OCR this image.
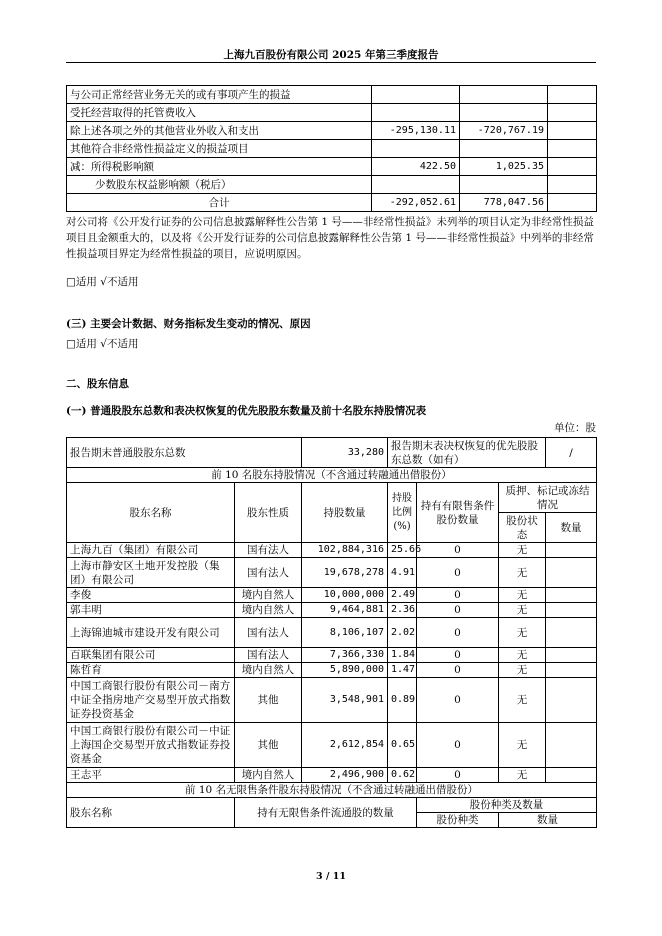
上海九百股份有限公司 2025 年第三季度报告
与公司正常经营业务无关的或有事项产生的损益			
受托经营取得的托管费收入			
除上述各项之外的其他营业外收入和支出	-295,130.11	-720,767.19	
其他符合非经常性损益定义的损益项目			
减：所得税影响额	422.50	1,025.35	
少数股东权益影响额（税后）			
合计	-292,052.61	778,047.56	
对公司将《公开发行证券的公司信息披露解释性公告第 1 号——非经常性损益》未列举的项目认定为非经常性损益项目且金额重大的，以及将《公开发行证券的公司信息披露解释性公告第 1 号——非经常性损益》中列举的非经常性损益项目界定为经常性损益的项目，应说明原因。
□适用 √不适用
(三) 主要会计数据、财务指标发生变动的情况、原因
□适用 √不适用
二、股东信息
(一) 普通股股东总数和表决权恢复的优先股股东数量及前十名股东持股情况表
单位：股
报告期末普通股股东总数		33,280	报告期末表决权恢复的优先股股东总数（如有）			/
前 10 名股东持股情况（不含通过转融通出借股份）						
股东名称	股东性质	持股数量	持股比例(%)	持有有限售条件股份数量	质押、标记或冻结情况	
					股份状态	数量
上海九百（集团）有限公司	国有法人	102,884,316	25.66	0	无	
上海市静安区土地开发控股（集团）有限公司	国有法人	19,678,278	4.91	0	无	
李俊	境内自然人	10,000,000	2.49	0	无	
郭丰明	境内自然人	9,464,881	2.36	0	无	
上海锦迪城市建设开发有限公司	国有法人	8,106,107	2.02	0	无	
百联集团有限公司	国有法人	7,366,330	1.84	0	无	
陈哲育	境内自然人	5,890,000	1.47	0	无	
中国工商银行股份有限公司－南方中证全指房地产交易型开放式指数证券投资基金	其他	3,548,901	0.89	0	无	
中国工商银行股份有限公司－中证上海国企交易型开放式指数证券投资基金	其他	2,612,854	0.65	0	无	
王志平	境内自然人	2,496,900	0.62	0	无	
前 10 名无限售条件股东持股情况（不含通过转融通出借股份）						
股东名称	持有无限售条件流通股的数量			股份种类及数量		
				股份种类	数量	
3 / 11
